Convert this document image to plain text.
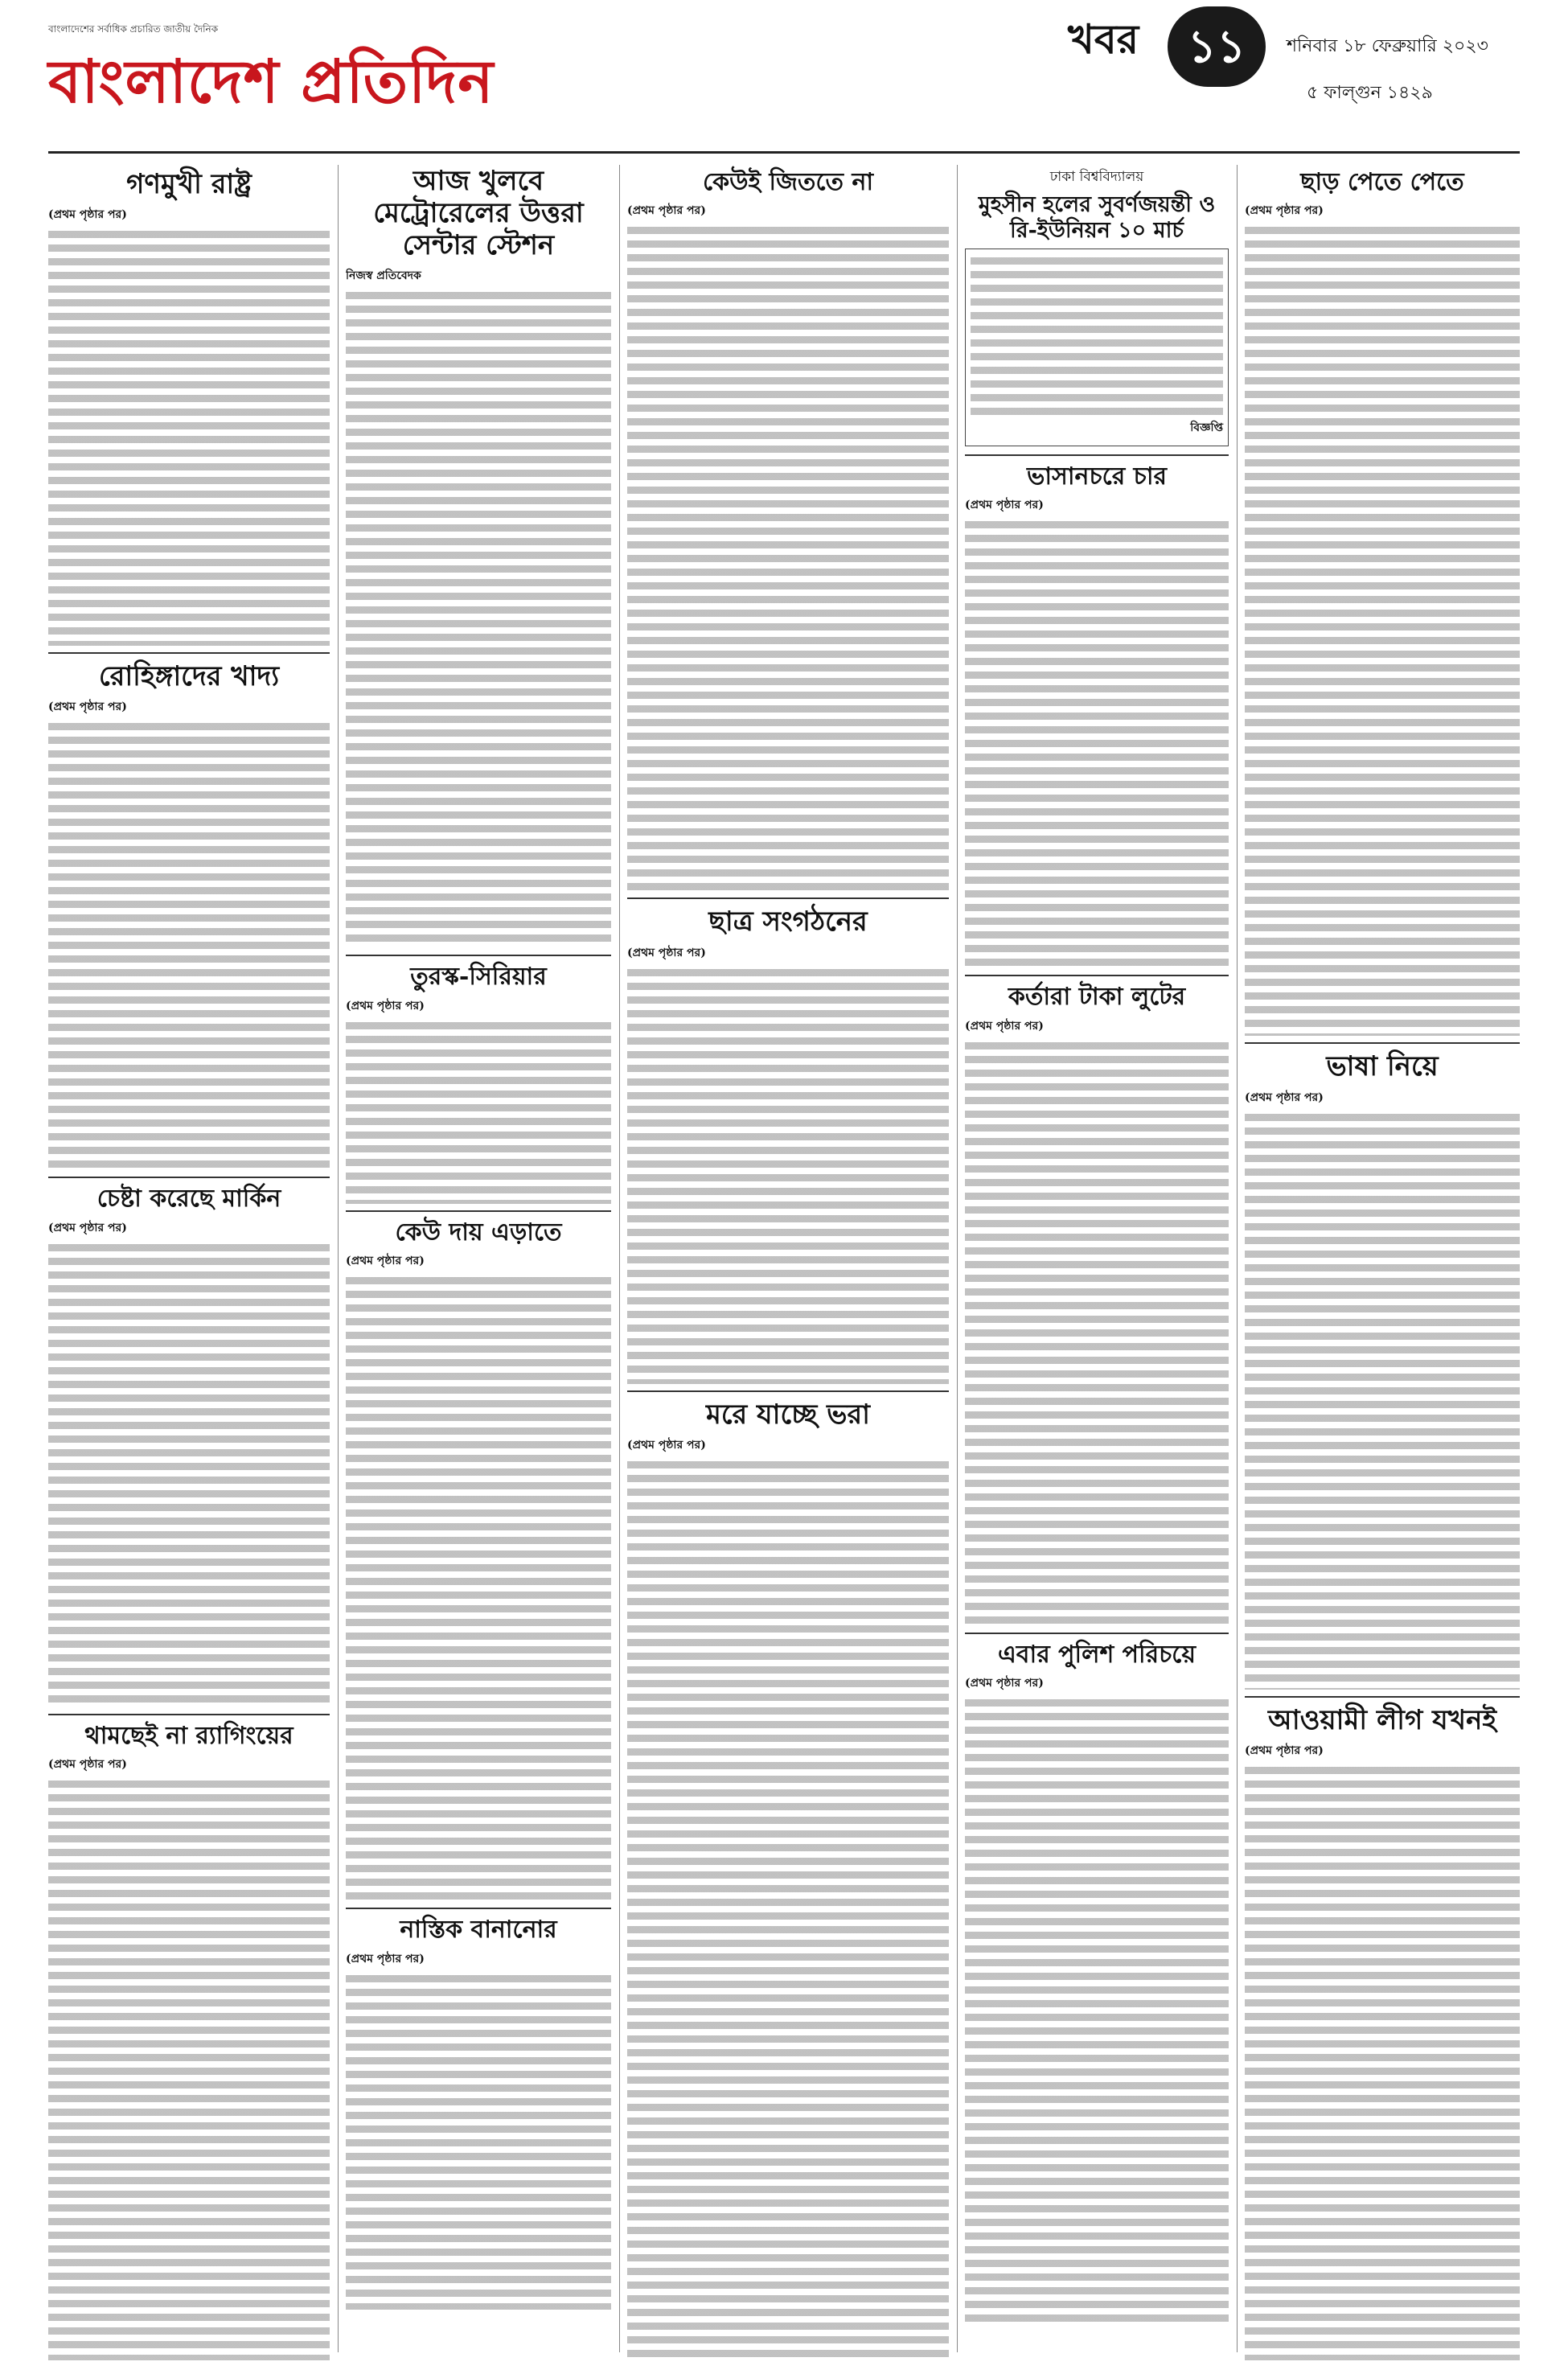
বাংলাদেশের সর্বাধিক প্রচারিত জাতীয় দৈনিক
বাংলাদেশ প্রতিদিন
খবর	১১	শনিবার ১৮ ফেব্রুয়ারি ২০২৩
৫ ফাল্গুন ১৪২৯
গণমুখী রাষ্ট্র
(প্রথম পৃষ্ঠার পর)
রোহিঙ্গাদের খাদ্য
(প্রথম পৃষ্ঠার পর)
চেষ্টা করেছে মার্কিন
(প্রথম পৃষ্ঠার পর)
থামছেই না র‍্যাগিংয়ের
(প্রথম পৃষ্ঠার পর)
আজ খুলবে মেট্রোরেলের উত্তরা সেন্টার স্টেশন
নিজস্ব প্রতিবেদক
তুরস্ক-সিরিয়ার
(প্রথম পৃষ্ঠার পর)
কেউ দায় এড়াতে
(প্রথম পৃষ্ঠার পর)
নাস্তিক বানানোর
(প্রথম পৃষ্ঠার পর)
কেউই জিততে না
(প্রথম পৃষ্ঠার পর)
ছাত্র সংগঠনের
(প্রথম পৃষ্ঠার পর)
মরে যাচ্ছে ভরা
(প্রথম পৃষ্ঠার পর)
ঢাকা বিশ্ববিদ্যালয়
মুহসীন হলের সুবর্ণজয়ন্তী ও রি-ইউনিয়ন ১০ মার্চ
বিজ্ঞপ্তি
ভাসানচরে চার
(প্রথম পৃষ্ঠার পর)
কর্তারা টাকা লুটের
(প্রথম পৃষ্ঠার পর)
এবার পুলিশ পরিচয়ে
(প্রথম পৃষ্ঠার পর)
ছাড় পেতে পেতে
(প্রথম পৃষ্ঠার পর)
ভাষা নিয়ে
(প্রথম পৃষ্ঠার পর)
আওয়ামী লীগ যখনই
(প্রথম পৃষ্ঠার পর)
